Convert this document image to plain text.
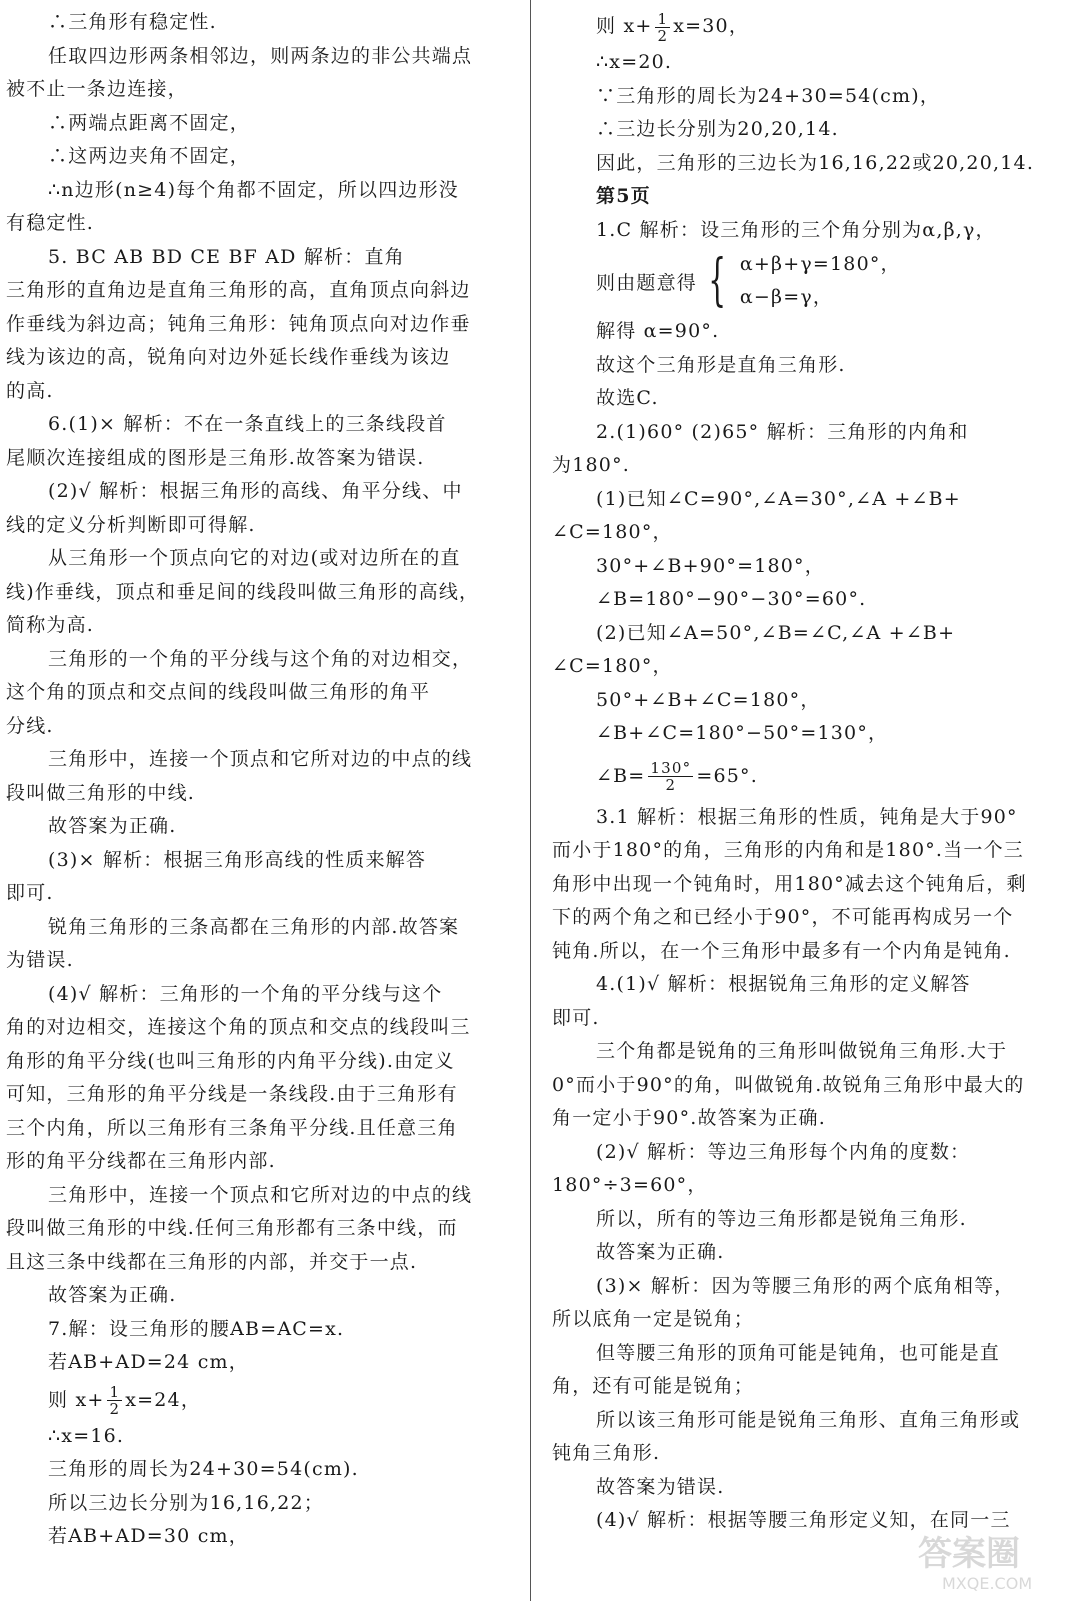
∴三角形有稳定性.
任取四边形两条相邻边，则两条边的非公共端点
被不止一条边连接，
∴两端点距离不固定，
∴这两边夹角不固定，
∴n边形(n≥4)每个角都不固定，所以四边形没
有稳定性.
5. BC AB BD CE BF AD 解析：直角
三角形的直角边是直角三角形的高，直角顶点向斜边
作垂线为斜边高；钝角三角形：钝角顶点向对边作垂
线为该边的高，锐角向对边外延长线作垂线为该边
的高.
6.(1)× 解析：不在一条直线上的三条线段首
尾顺次连接组成的图形是三角形.故答案为错误.
(2)√ 解析：根据三角形的高线、角平分线、中
线的定义分析判断即可得解.
从三角形一个顶点向它的对边(或对边所在的直
线)作垂线，顶点和垂足间的线段叫做三角形的高线，
简称为高.
三角形的一个角的平分线与这个角的对边相交，
这个角的顶点和交点间的线段叫做三角形的角平
分线.
三角形中，连接一个顶点和它所对边的中点的线
段叫做三角形的中线.
故答案为正确.
(3)× 解析：根据三角形高线的性质来解答
即可.
锐角三角形的三条高都在三角形的内部.故答案
为错误.
(4)√ 解析：三角形的一个角的平分线与这个
角的对边相交，连接这个角的顶点和交点的线段叫三
角形的角平分线(也叫三角形的内角平分线).由定义
可知，三角形的角平分线是一条线段.由于三角形有
三个内角，所以三角形有三条角平分线.且任意三角
形的角平分线都在三角形内部.
三角形中，连接一个顶点和它所对边的中点的线
段叫做三角形的中线.任何三角形都有三条中线，而
且这三条中线都在三角形的内部，并交于一点.
故答案为正确.
7.解：设三角形的腰AB=AC=x.
若AB+AD=24 cm，
则 $x+ \frac{1}{2} x=24$，
∴x=16.
三角形的周长为24+30=54(cm).
所以三边长分别为16,16,22；
若AB+AD=30 cm，
则 $x+ \frac{1}{2} x=30$，
∴x=20.
∵三角形的周长为24+30=54(cm)，
∴三边长分别为20,20,14.
因此，三角形的三边长为16,16,22或20,20,14.
第5页
1.C 解析：设三角形的三个角分别为α,β,γ，
则由题意得 { α+β+γ=180°，
α−β=γ，
解得 α=90°.
故这个三角形是直角三角形.
故选C.
2.(1)60° (2)65° 解析：三角形的内角和
为180°.
(1)已知∠C=90°,∠A=30°,∠A +∠B+
∠C=180°，
30°+∠B+90°=180°，
∠B=180°−90°−30°=60°.
(2)已知∠A=50°,∠B=∠C,∠A +∠B+
∠C=180°，
50°+∠B+∠C=180°，
∠B+∠C=180°−50°=130°，
∠B= $\frac{130^\circ}{2} =65^\circ$.
3.1 解析：根据三角形的性质，钝角是大于90°
而小于180°的角，三角形的内角和是180°.当一个三
角形中出现一个钝角时，用180°减去这个钝角后，剩
下的两个角之和已经小于90°，不可能再构成另一个
钝角.所以，在一个三角形中最多有一个内角是钝角.
4.(1)√ 解析：根据锐角三角形的定义解答
即可.
三个角都是锐角的三角形叫做锐角三角形.大于
0°而小于90°的角，叫做锐角.故锐角三角形中最大的
角一定小于90°.故答案为正确.
(2)√ 解析：等边三角形每个内角的度数：
180°÷3=60°，
所以，所有的等边三角形都是锐角三角形.
故答案为正确.
(3)× 解析：因为等腰三角形的两个底角相等，
所以底角一定是锐角；
但等腰三角形的顶角可能是钝角，也可能是直
角，还有可能是锐角；
所以该三角形可能是锐角三角形、直角三角形或
钝角三角形.
故答案为错误.
(4)√ 解析：根据等腰三角形定义知，在同一三
答案圈
MXQE.COM
